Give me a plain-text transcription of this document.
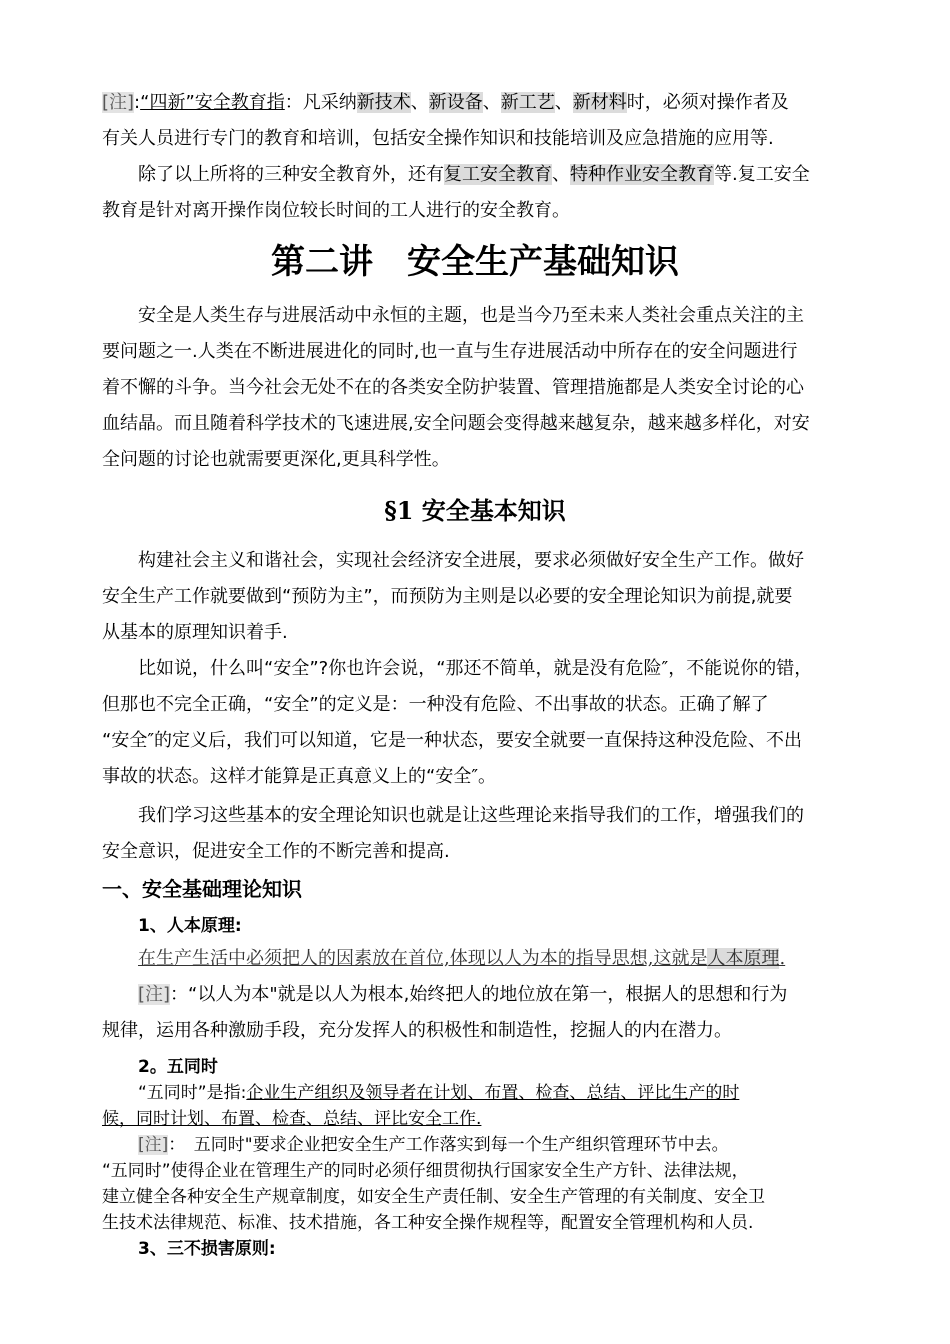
[注]:“四新”安全教育指：凡采纳新技术、新设备、新工艺、新材料时，必须对操作者及
有关人员进行专门的教育和培训，包括安全操作知识和技能培训及应急措施的应用等.
除了以上所将的三种安全教育外，还有复工安全教育、特种作业安全教育等.复工安全
教育是针对离开操作岗位较长时间的工人进行的安全教育。
第二讲　安全生产基础知识
安全是人类生存与进展活动中永恒的主题，也是当今乃至未来人类社会重点关注的主
要问题之一.人类在不断进展进化的同时,也一直与生存进展活动中所存在的安全问题进行
着不懈的斗争。当今社会无处不在的各类安全防护装置、管理措施都是人类安全讨论的心
血结晶。而且随着科学技术的飞速进展,安全问题会变得越来越复杂，越来越多样化，对安
全问题的讨论也就需要更深化,更具科学性。
§1 安全基本知识
构建社会主义和谐社会，实现社会经济安全进展，要求必须做好安全生产工作。做好
安全生产工作就要做到“预防为主”，而预防为主则是以必要的安全理论知识为前提,就要
从基本的原理知识着手.
比如说，什么叫“安全”?你也许会说，“那还不简单，就是没有危险″，不能说你的错，
但那也不完全正确，“安全”的定义是：一种没有危险、不出事故的状态。正确了解了
“安全″的定义后，我们可以知道，它是一种状态，要安全就要一直保持这种没危险、不出
事故的状态。这样才能算是正真意义上的“安全″。
我们学习这些基本的安全理论知识也就是让这些理论来指导我们的工作，增强我们的
安全意识，促进安全工作的不断完善和提高.
一、安全基础理论知识
1、人本原理:
在生产生活中必须把人的因素放在首位,体现以人为本的指导思想,这就是人本原理.
[注]：“以人为本"就是以人为根本,始终把人的地位放在第一，根据人的思想和行为
规律，运用各种激励手段，充分发挥人的积极性和制造性，挖掘人的内在潜力。
2。五同时
“五同时”是指:企业生产组织及领导者在计划、布置、检查、总结、评比生产的时
候，同时计划、布置、检查、总结、评比安全工作.
[注]：　五同时"要求企业把安全生产工作落实到每一个生产组织管理环节中去。
“五同时”使得企业在管理生产的同时必须仔细贯彻执行国家安全生产方针、法律法规，
建立健全各种安全生产规章制度，如安全生产责任制、安全生产管理的有关制度、安全卫
生技术法律规范、标准、技术措施，各工种安全操作规程等，配置安全管理机构和人员.
3、三不损害原则:
